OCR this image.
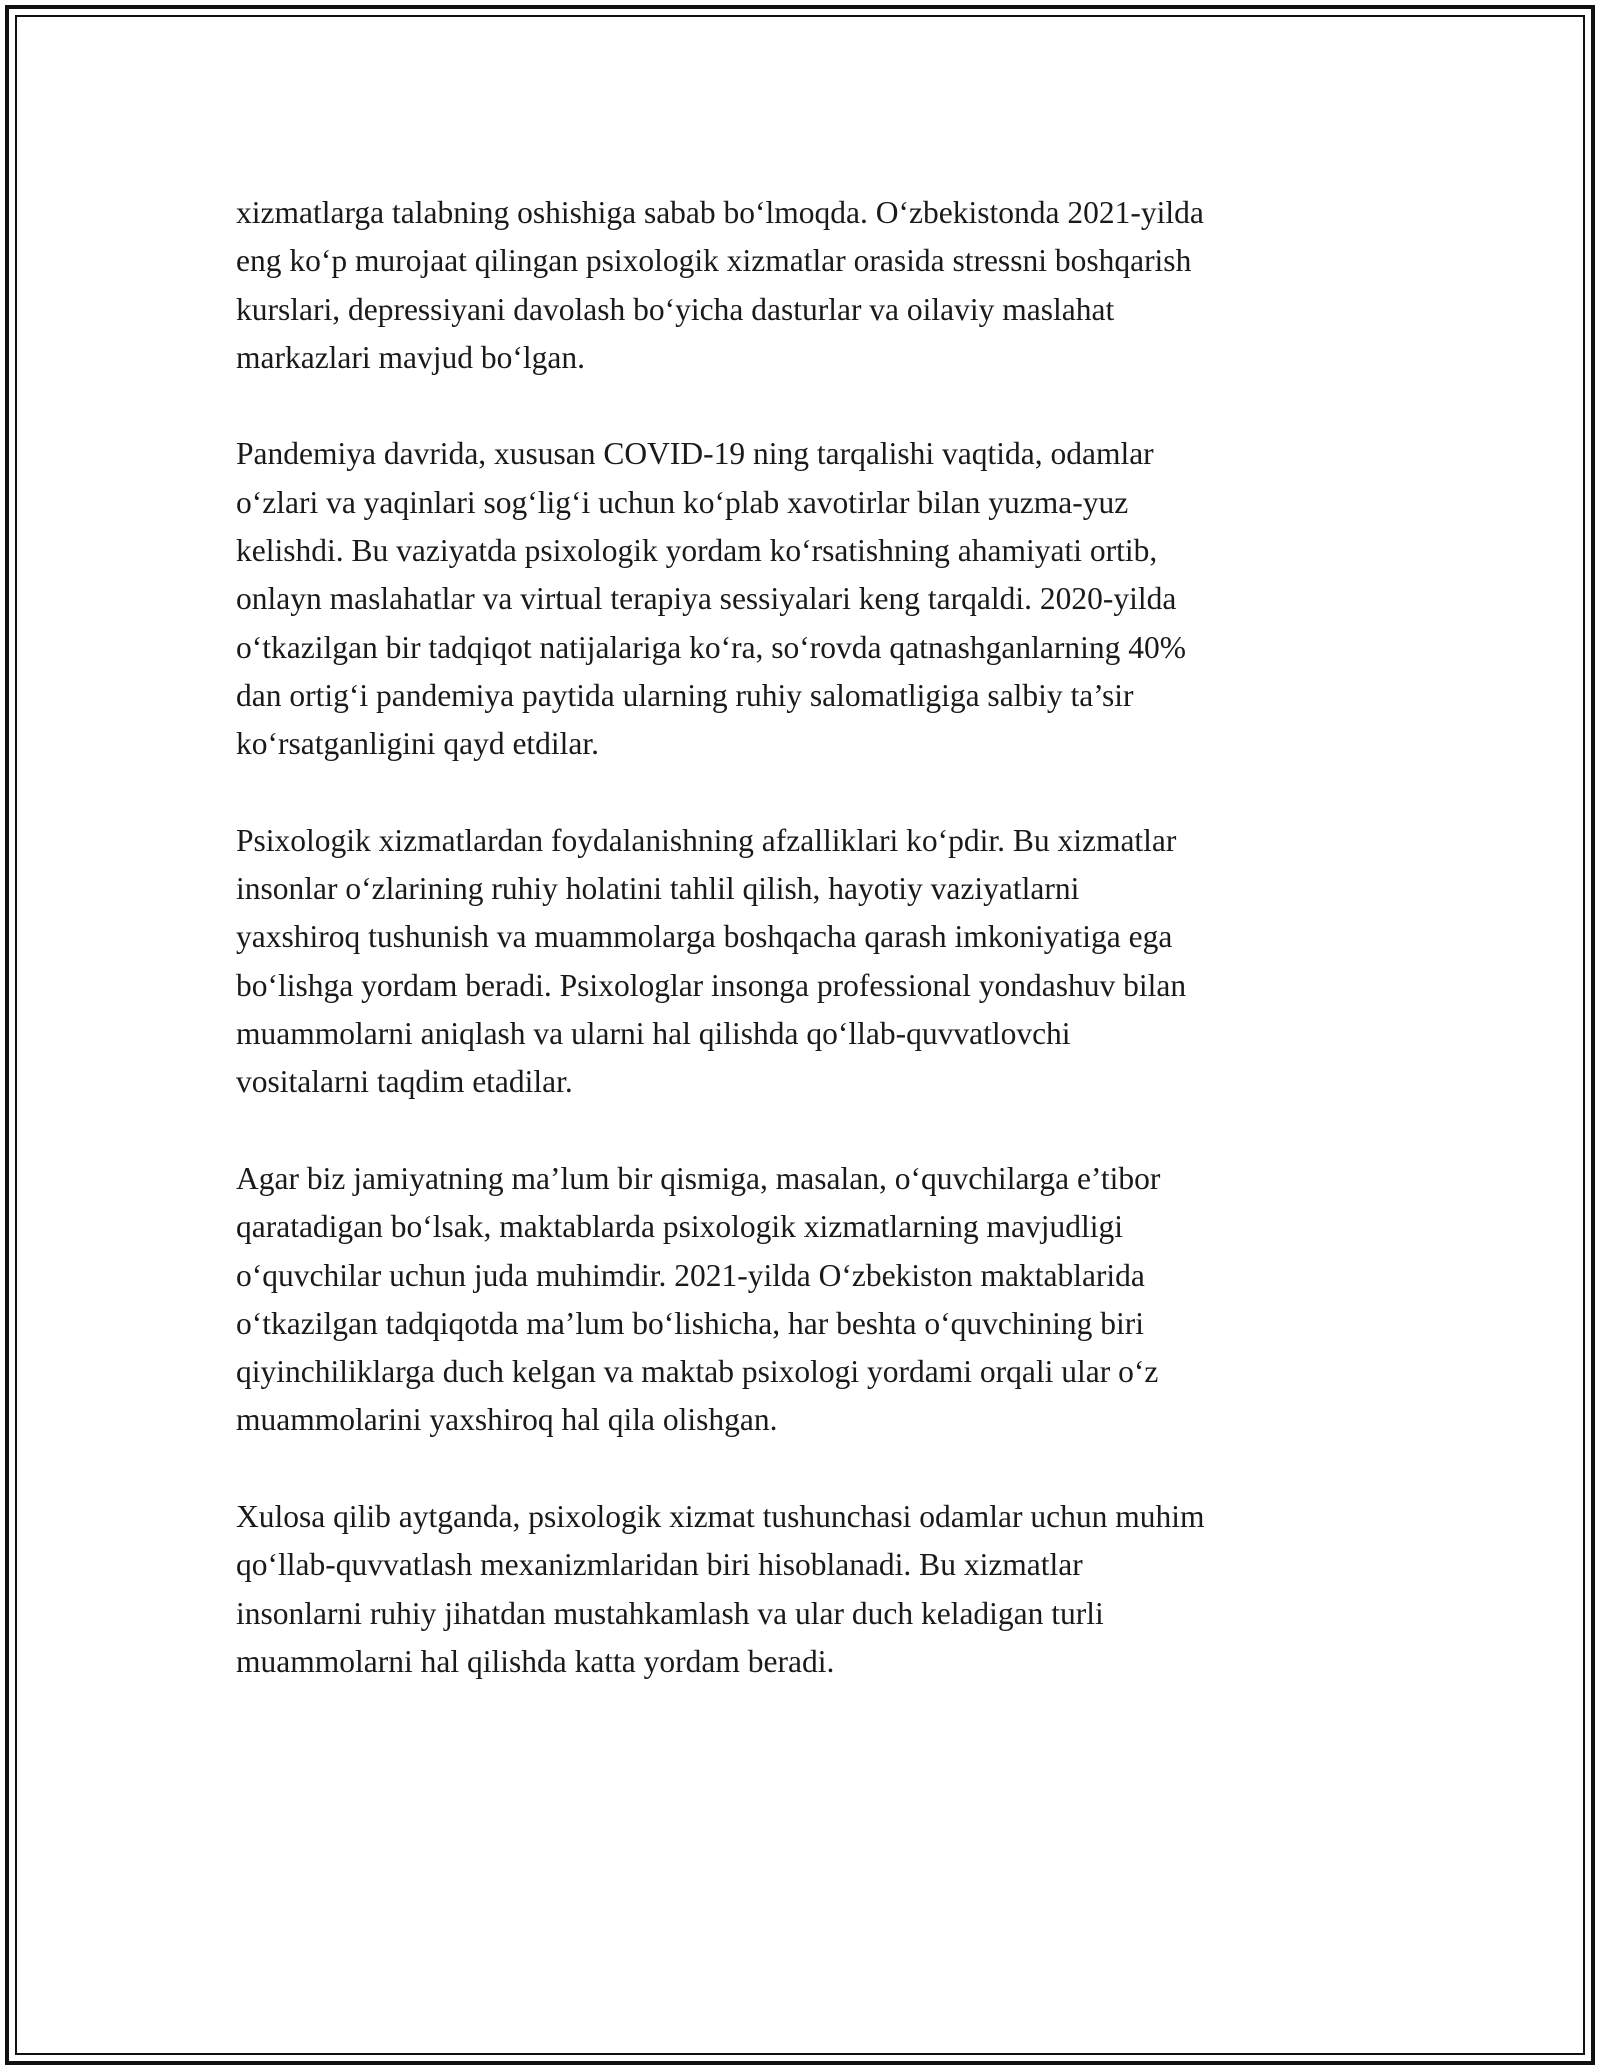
xizmatlarga talabning oshishiga sabab bo‘lmoqda. O‘zbekistonda 2021-yilda
eng ko‘p murojaat qilingan psixologik xizmatlar orasida stressni boshqarish
kurslari, depressiyani davolash bo‘yicha dasturlar va oilaviy maslahat
markazlari mavjud bo‘lgan.

Pandemiya davrida, xususan COVID-19 ning tarqalishi vaqtida, odamlar
o‘zlari va yaqinlari sog‘lig‘i uchun ko‘plab xavotirlar bilan yuzma-yuz
kelishdi. Bu vaziyatda psixologik yordam ko‘rsatishning ahamiyati ortib,
onlayn maslahatlar va virtual terapiya sessiyalari keng tarqaldi. 2020-yilda
o‘tkazilgan bir tadqiqot natijalariga ko‘ra, so‘rovda qatnashganlarning 40%
dan ortig‘i pandemiya paytida ularning ruhiy salomatligiga salbiy ta’sir
ko‘rsatganligini qayd etdilar.

Psixologik xizmatlardan foydalanishning afzalliklari ko‘pdir. Bu xizmatlar
insonlar o‘zlarining ruhiy holatini tahlil qilish, hayotiy vaziyatlarni
yaxshiroq tushunish va muammolarga boshqacha qarash imkoniyatiga ega
bo‘lishga yordam beradi. Psixologlar insonga professional yondashuv bilan
muammolarni aniqlash va ularni hal qilishda qo‘llab-quvvatlovchi
vositalarni taqdim etadilar.

Agar biz jamiyatning ma’lum bir qismiga, masalan, o‘quvchilarga e’tibor
qaratadigan bo‘lsak, maktablarda psixologik xizmatlarning mavjudligi
o‘quvchilar uchun juda muhimdir. 2021-yilda O‘zbekiston maktablarida
o‘tkazilgan tadqiqotda ma’lum bo‘lishicha, har beshta o‘quvchining biri
qiyinchiliklarga duch kelgan va maktab psixologi yordami orqali ular o‘z
muammolarini yaxshiroq hal qila olishgan.

Xulosa qilib aytganda, psixologik xizmat tushunchasi odamlar uchun muhim
qo‘llab-quvvatlash mexanizmlaridan biri hisoblanadi. Bu xizmatlar
insonlarni ruhiy jihatdan mustahkamlash va ular duch keladigan turli
muammolarni hal qilishda katta yordam beradi.
